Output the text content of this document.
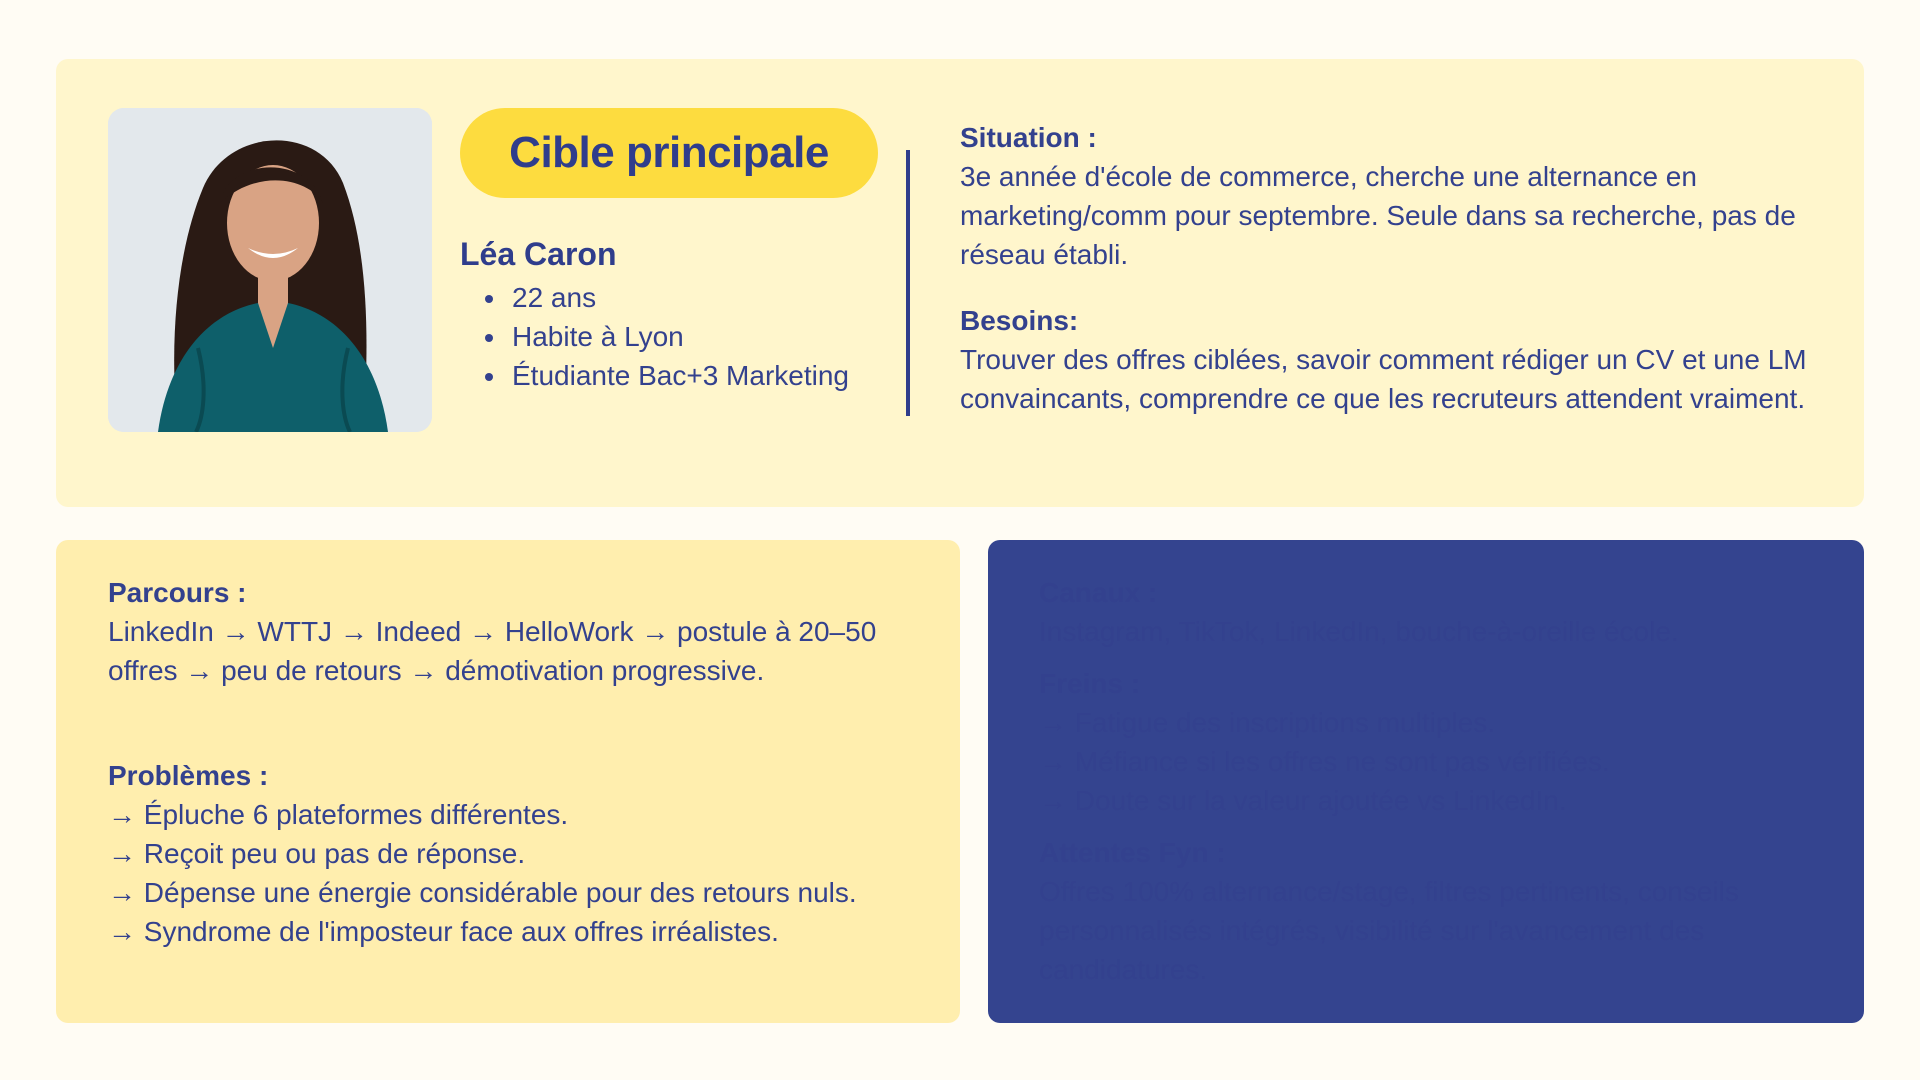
Cible principale
Léa Caron
• 22 ans
• Habite à Lyon
• Étudiante Bac+3 Marketing
Situation :
3e année d'école de commerce, cherche une alternance en marketing/comm pour septembre. Seule dans sa recherche, pas de réseau établi.
Besoins:
Trouver des offres ciblées, savoir comment rédiger un CV et une LM convaincants, comprendre ce que les recruteurs attendent vraiment.
Parcours :
LinkedIn → WTTJ → Indeed → HelloWork → postule à 20–50 offres → peu de retours → démotivation progressive.
Problèmes :
→ Épluche 6 plateformes différentes.
→ Reçoit peu ou pas de réponse.
→ Dépense une énergie considérable pour des retours nuls.
→ Syndrome de l'imposteur face aux offres irréalistes.
Canaux :
Instagram, TikTok, LinkedIn, bouche-à-oreille école.
Freins :
→ Fatigue des inscriptions multiples.
→ Méfiance si les offres ne sont pas vérifiées.
→ Doute sur la valeur ajoutée vs LinkedIn.
Attentes Fyn :
Offres 100% alternance/stage, filtres pertinents, conseils personnalisés intégrés, visibilité sur l'avancement des candidatures.
